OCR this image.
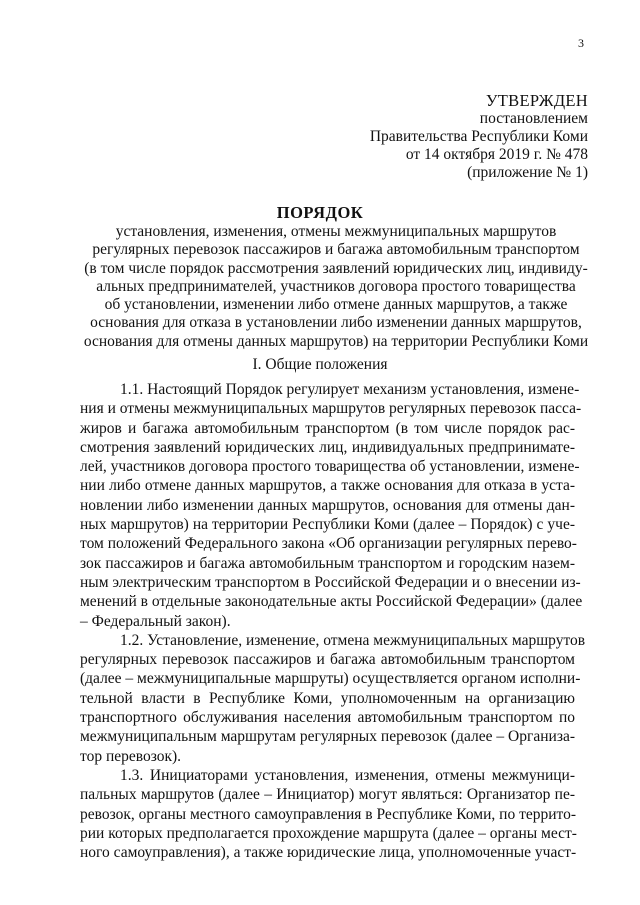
3
УТВЕРЖДЕН
постановлением
Правительства Республики Коми
от 14 октября 2019 г. № 478
(приложение № 1)
ПОРЯДОК
установления, изменения, отмены межмуниципальных маршрутов
регулярных перевозок пассажиров и багажа автомобильным транспортом
(в том числе порядок рассмотрения заявлений юридических лиц, индивиду-
альных предпринимателей, участников договора простого товарищества
об установлении, изменении либо отмене данных маршрутов, а также
основания для отказа в установлении либо изменении данных маршрутов,
основания для отмены данных маршрутов) на территории Республики Коми
I. Общие положения
1.1. Настоящий Порядок регулирует механизм установления, измене-
ния и отмены межмуниципальных маршрутов регулярных перевозок пасса-
жиров и багажа автомобильным транспортом (в том числе порядок рас-
смотрения заявлений юридических лиц, индивидуальных предпринимате-
лей, участников договора простого товарищества об установлении, измене-
нии либо отмене данных маршрутов, а также основания для отказа в уста-
новлении либо изменении данных маршрутов, основания для отмены дан-
ных маршрутов) на территории Республики Коми (далее – Порядок) с уче-
том положений Федерального закона «Об организации регулярных перево-
зок пассажиров и багажа автомобильным транспортом и городским назем-
ным электрическим транспортом в Российской Федерации и о внесении из-
менений в отдельные законодательные акты Российской Федерации» (далее
– Федеральный закон).
1.2. Установление, изменение, отмена межмуниципальных маршрутов
регулярных перевозок пассажиров и багажа автомобильным транспортом
(далее – межмуниципальные маршруты) осуществляется органом исполни-
тельной власти в Республике Коми, уполномоченным на организацию
транспортного обслуживания населения автомобильным транспортом по
межмуниципальным маршрутам регулярных перевозок (далее – Организа-
тор перевозок).
1.3. Инициаторами установления, изменения, отмены межмуници-
пальных маршрутов (далее – Инициатор) могут являться: Организатор пе-
ревозок, органы местного самоуправления в Республике Коми, по террито-
рии которых предполагается прохождение маршрута (далее – органы мест-
ного самоуправления), а также юридические лица, уполномоченные участ-
